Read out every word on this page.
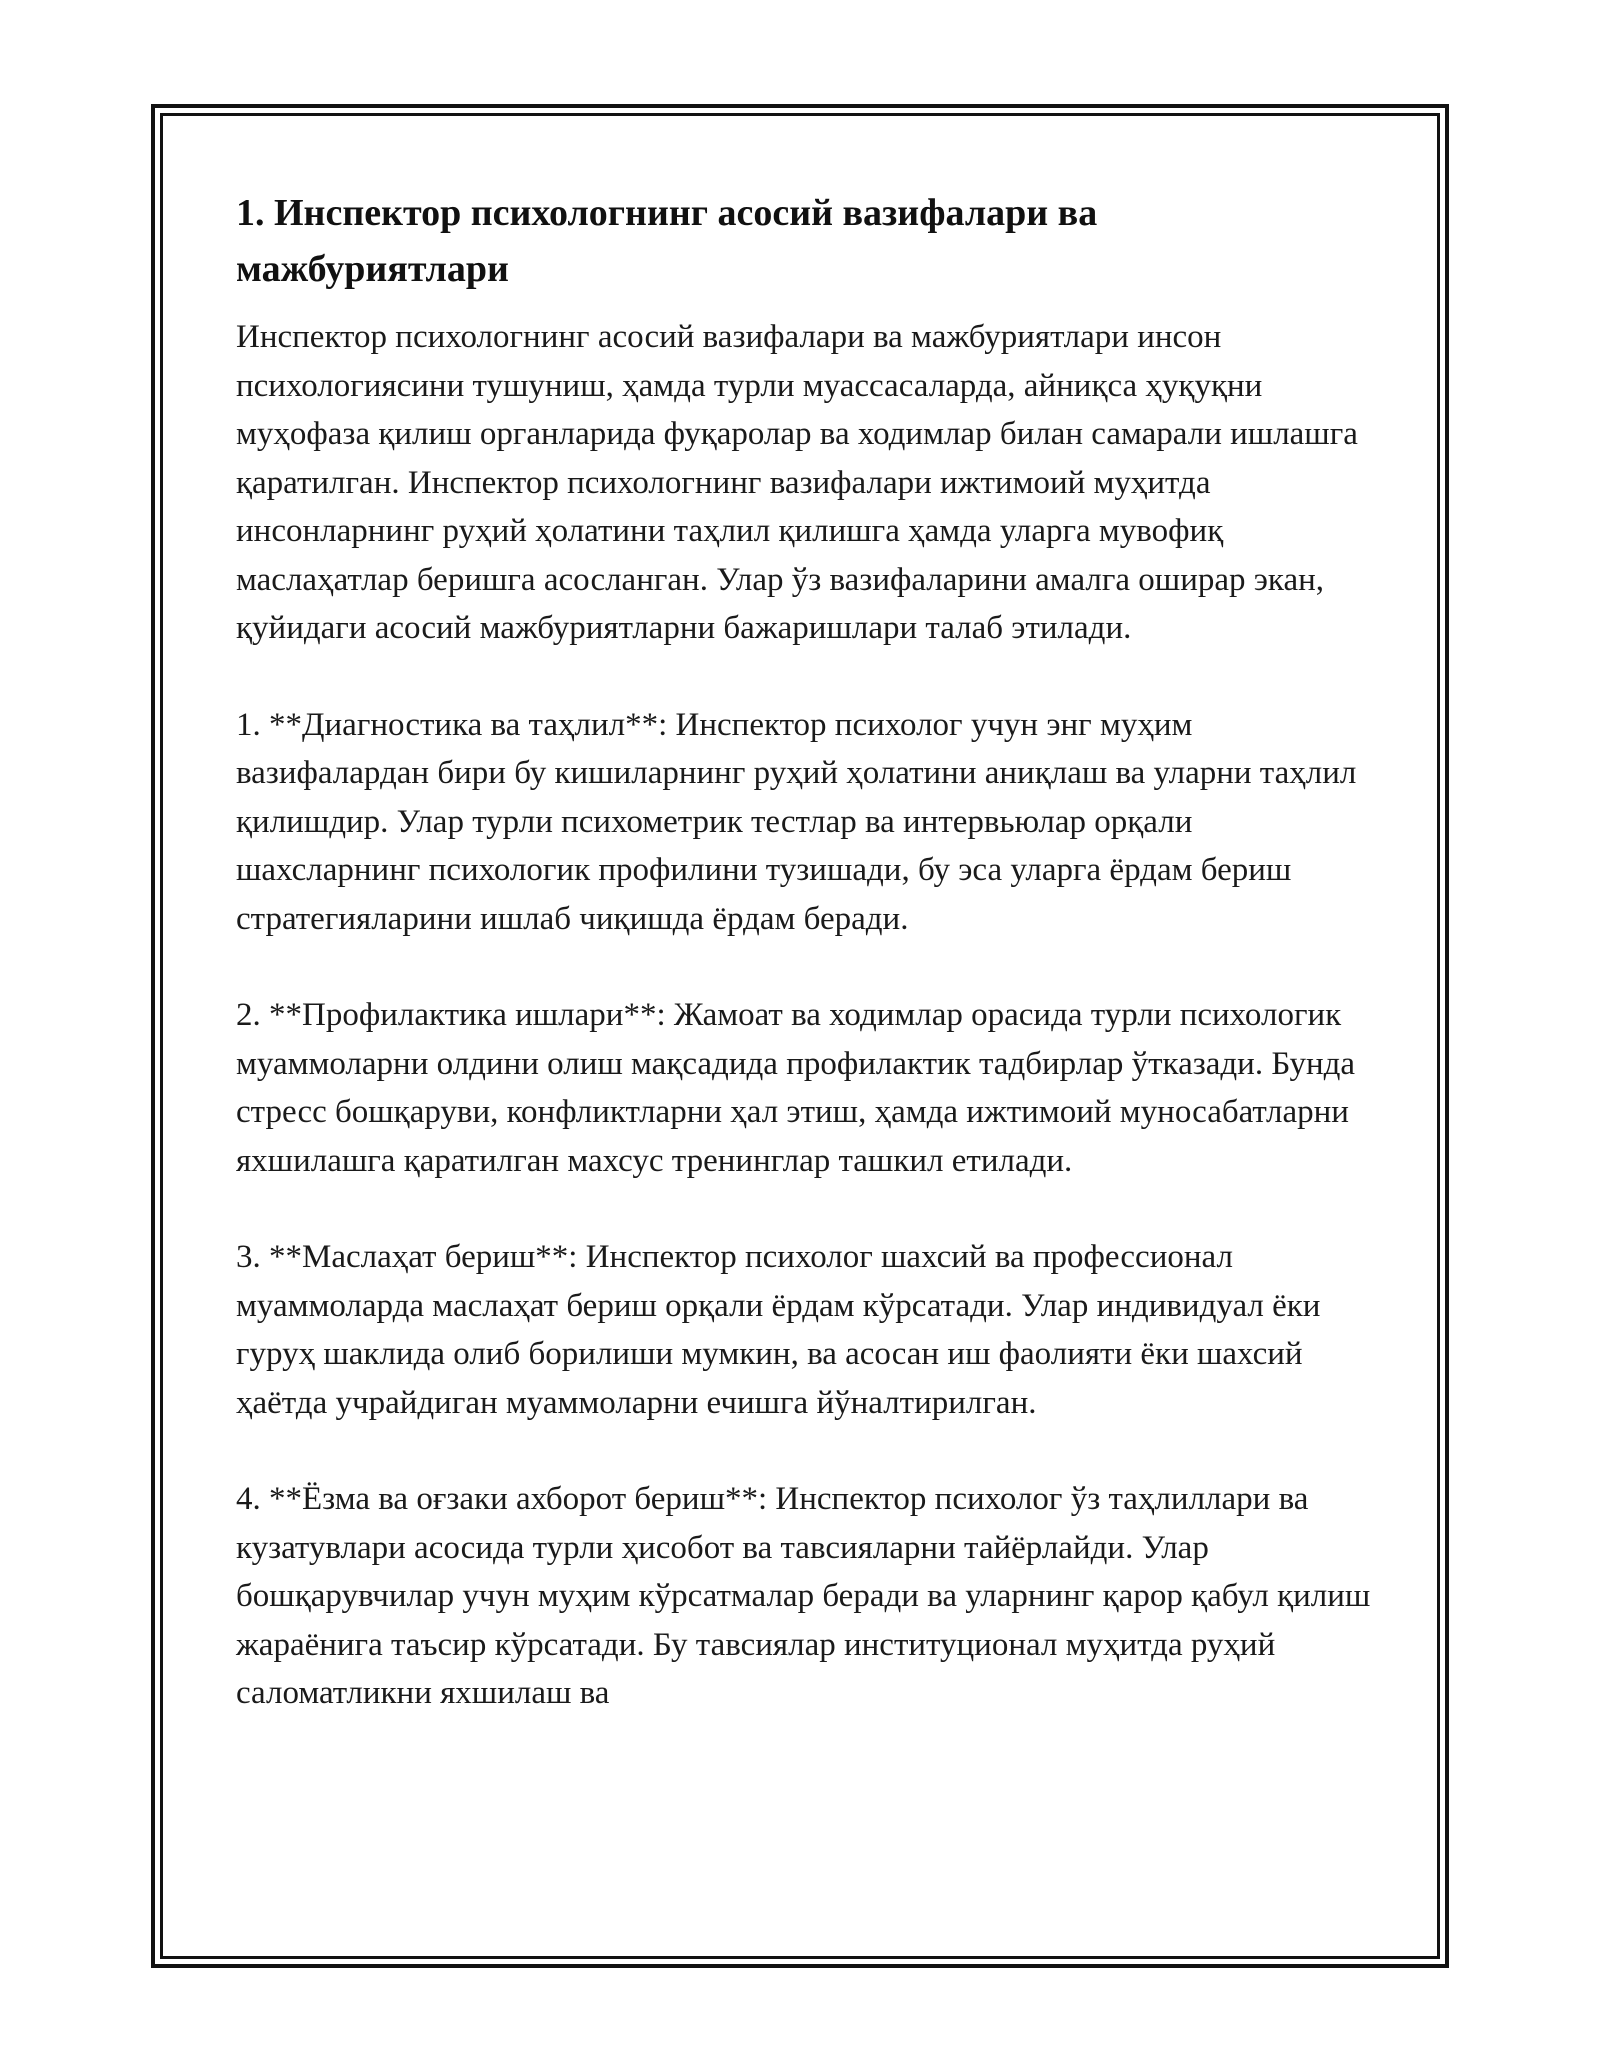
1. Инспектор психологнинг асосий вазифалари ва мажбуриятлари

Инспектор психологнинг асосий вазифалари ва мажбуриятлари инсон психологиясини тушуниш, ҳамда турли муассасаларда, айниқса ҳуқуқни муҳофаза қилиш органларида фуқаролар ва ходимлар билан самарали ишлашга қаратилган. Инспектор психологнинг вазифалари ижтимоий муҳитда инсонларнинг руҳий ҳолатини таҳлил қилишга ҳамда уларга мувофиқ маслаҳатлар беришга асосланган. Улар ўз вазифаларини амалга оширар экан, қуйидаги асосий мажбуриятларни бажаришлари талаб этилади.

1. **Диагностика ва таҳлил**: Инспектор психолог учун энг муҳим вазифалардан бири бу кишиларнинг руҳий ҳолатини аниқлаш ва уларни таҳлил қилишдир. Улар турли психометрик тестлар ва интервьюлар орқали шахсларнинг психологик профилини тузишади, бу эса уларга ёрдам бериш стратегияларини ишлаб чиқишда ёрдам беради.

2. **Профилактика ишлари**: Жамоат ва ходимлар орасида турли психологик муаммоларни олдини олиш мақсадида профилактик тадбирлар ўтказади. Бунда стресс бошқаруви, конфликтларни ҳал этиш, ҳамда ижтимоий муносабатларни яхшилашга қаратилган махсус тренинглар ташкил етилади.

3. **Маслаҳат бериш**: Инспектор психолог шахсий ва профессионал муаммоларда маслаҳат бериш орқали ёрдам кўрсатади. Улар индивидуал ёки гуруҳ шаклида олиб борилиши мумкин, ва асосан иш фаолияти ёки шахсий ҳаётда учрайдиган муаммоларни ечишга йўналтирилган.

4. **Ёзма ва оғзаки ахборот бериш**: Инспектор психолог ўз таҳлиллари ва кузатувлари асосида турли ҳисобот ва тавсияларни тайёрлайди. Улар бошқарувчилар учун муҳим кўрсатмалар беради ва уларнинг қарор қабул қилиш жараёнига таъсир кўрсатади. Бу тавсиялар институционал муҳитда руҳий саломатликни яхшилаш ва
